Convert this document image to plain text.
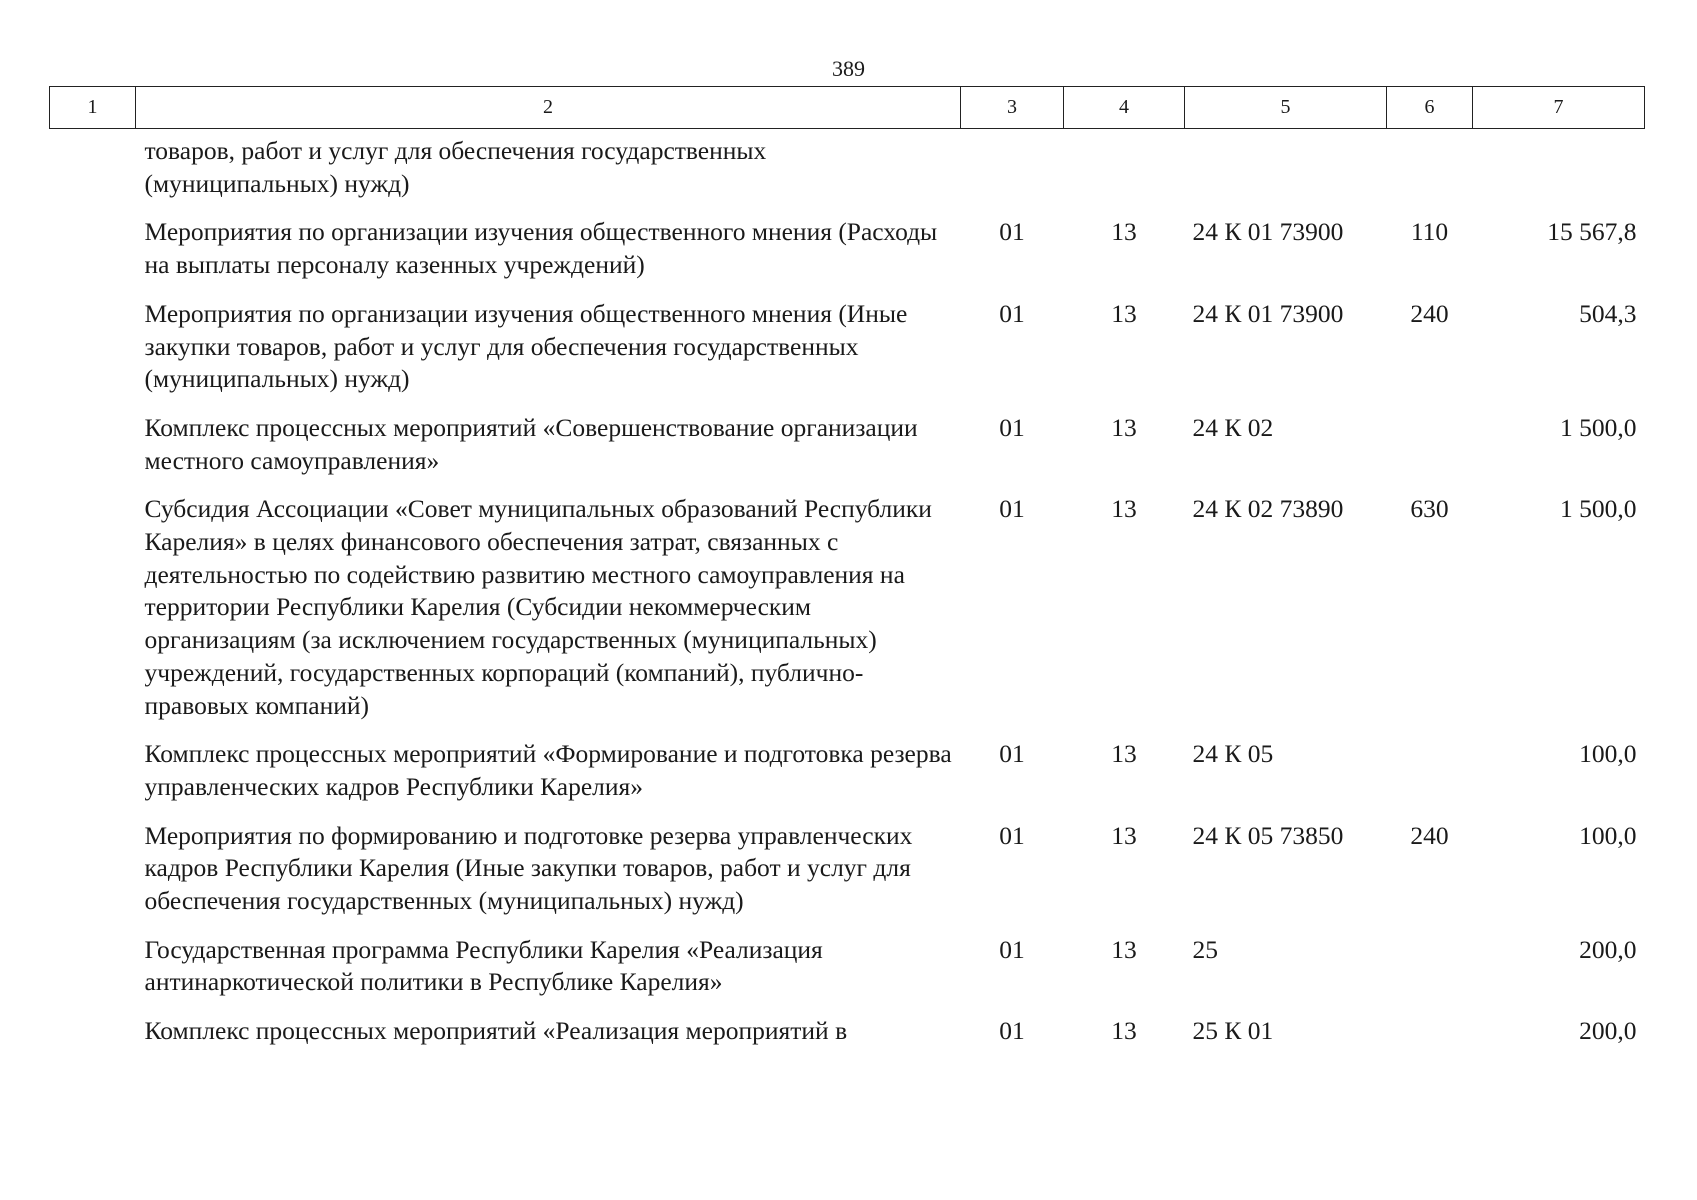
389
1	2	3	4	5	6	7
	товаров, работ и услуг для обеспечения государственных (муниципальных) нужд)					
	Мероприятия по организации изучения общественного мнения (Расходы на выплаты персоналу казенных учреждений)	01	13	24 К 01 73900	110	15 567,8
	Мероприятия по организации изучения общественного мнения (Иные закупки товаров, работ и услуг для обеспечения государственных (муниципальных) нужд)	01	13	24 К 01 73900	240	504,3
	Комплекс процессных мероприятий «Совершенствование организации местного самоуправления»	01	13	24 К 02		1 500,0
	Субсидия Ассоциации «Совет муниципальных образований Республики Карелия» в целях финансового обеспечения затрат, связанных с деятельностью по содействию развитию местного самоуправления на территории Республики Карелия (Субсидии некоммерческим организациям (за исключением государственных (муниципальных) учреждений, государственных корпораций (компаний), публично-правовых компаний)	01	13	24 К 02 73890	630	1 500,0
	Комплекс процессных мероприятий «Формирование и подготовка резерва управленческих кадров Республики Карелия»	01	13	24 К 05		100,0
	Мероприятия по формированию и подготовке резерва управленческих кадров Республики Карелия (Иные закупки товаров, работ и услуг для обеспечения государственных (муниципальных) нужд)	01	13	24 К 05 73850	240	100,0
	Государственная программа Республики Карелия «Реализация антинаркотической политики в Республике Карелия»	01	13	25		200,0
	Комплекс процессных мероприятий «Реализация мероприятий в	01	13	25 К 01		200,0
